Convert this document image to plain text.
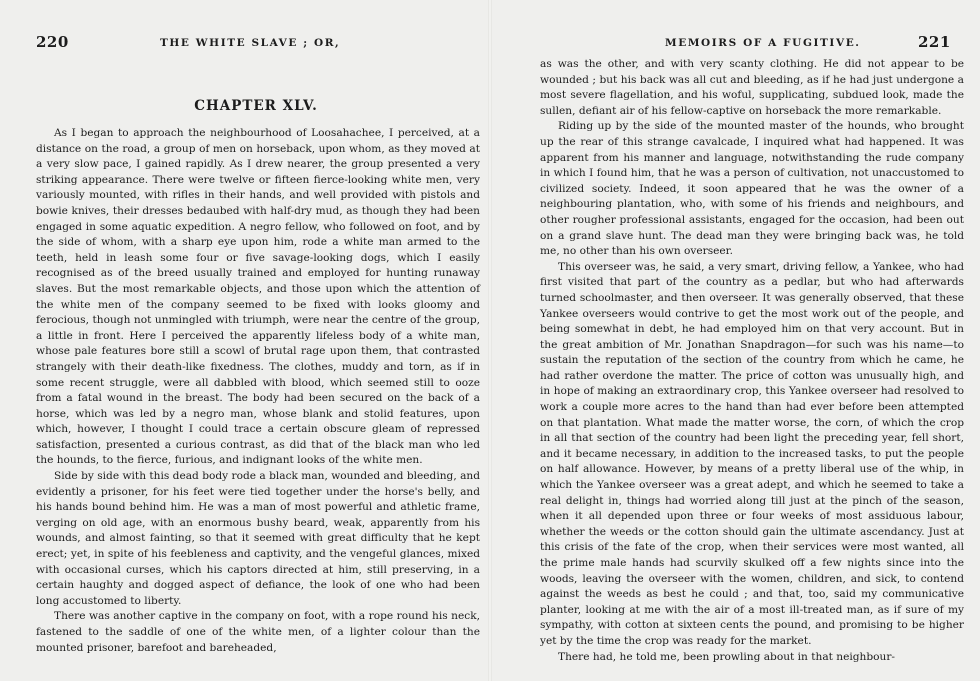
220	THE WHITE SLAVE ; OR,
CHAPTER XLV.

As I began to approach the neighbourhood of Loosahachee, I perceived, at a distance on the road, a group of men on horseback, upon whom, as they moved at a very slow pace, I gained rapidly. As I drew nearer, the group presented a very striking appearance. There were twelve or fifteen fierce-looking white men, very variously mounted, with rifles in their hands, and well provided with pistols and bowie knives, their dresses bedaubed with half-dry mud, as though they had been engaged in some aquatic expedition. A negro fellow, who followed on foot, and by the side of whom, with a sharp eye upon him, rode a white man armed to the teeth, held in leash some four or five savage-looking dogs, which I easily recognised as of the breed usually trained and employed for hunting runaway slaves. But the most remarkable objects, and those upon which the attention of the white men of the company seemed to be fixed with looks gloomy and ferocious, though not unmingled with triumph, were near the centre of the group, a little in front. Here I perceived the apparently lifeless body of a white man, whose pale features bore still a scowl of brutal rage upon them, that contrasted strangely with their death-like fixedness. The clothes, muddy and torn, as if in some recent struggle, were all dabbled with blood, which seemed still to ooze from a fatal wound in the breast. The body had been secured on the back of a horse, which was led by a negro man, whose blank and stolid features, upon which, however, I thought I could trace a certain obscure gleam of repressed satisfaction, presented a curious contrast, as did that of the black man who led the hounds, to the fierce, furious, and indignant looks of the white men.

Side by side with this dead body rode a black man, wounded and bleeding, and evidently a prisoner, for his feet were tied together under the horse's belly, and his hands bound behind him. He was a man of most powerful and athletic frame, verging on old age, with an enormous bushy beard, weak, apparently from his wounds, and almost fainting, so that it seemed with great difficulty that he kept erect; yet, in spite of his feebleness and captivity, and the vengeful glances, mixed with occasional curses, which his captors directed at him, still preserving, in a certain haughty and dogged aspect of defiance, the look of one who had been long accustomed to liberty.

There was another captive in the company on foot, with a rope round his neck, fastened to the saddle of one of the white men, of a lighter colour than the mounted prisoner, barefoot and bareheaded,

MEMOIRS OF A FUGITIVE.	221

as was the other, and with very scanty clothing. He did not appear to be wounded ; but his back was all cut and bleeding, as if he had just undergone a most severe flagellation, and his woful, supplicating, subdued look, made the sullen, defiant air of his fellow-captive on horseback the more remarkable.

Riding up by the side of the mounted master of the hounds, who brought up the rear of this strange cavalcade, I inquired what had happened. It was apparent from his manner and language, notwithstanding the rude company in which I found him, that he was a person of cultivation, not unaccustomed to civilized society. Indeed, it soon appeared that he was the owner of a neighbouring plantation, who, with some of his friends and neighbours, and other rougher professional assistants, engaged for the occasion, had been out on a grand slave hunt. The dead man they were bringing back was, he told me, no other than his own overseer.

This overseer was, he said, a very smart, driving fellow, a Yankee, who had first visited that part of the country as a pedlar, but who had afterwards turned schoolmaster, and then overseer. It was generally observed, that these Yankee overseers would contrive to get the most work out of the people, and being somewhat in debt, he had employed him on that very account. But in the great ambition of Mr. Jonathan Snapdragon—for such was his name—to sustain the reputation of the section of the country from which he came, he had rather overdone the matter. The price of cotton was unusually high, and in hope of making an extraordinary crop, this Yankee overseer had resolved to work a couple more acres to the hand than had ever before been attempted on that plantation. What made the matter worse, the corn, of which the crop in all that section of the country had been light the preceding year, fell short, and it became necessary, in addition to the increased tasks, to put the people on half allowance. However, by means of a pretty liberal use of the whip, in which the Yankee overseer was a great adept, and which he seemed to take a real delight in, things had worried along till just at the pinch of the season, when it all depended upon three or four weeks of most assiduous labour, whether the weeds or the cotton should gain the ultimate ascendancy. Just at this crisis of the fate of the crop, when their services were most wanted, all the prime male hands had scurvily skulked off a few nights since into the woods, leaving the overseer with the women, children, and sick, to contend against the weeds as best he could ; and that, too, said my communicative planter, looking at me with the air of a most ill-treated man, as if sure of my sympathy, with cotton at sixteen cents the pound, and promising to be higher yet by the time the crop was ready for the market.

There had, he told me, been prowling about in that neighbour-
